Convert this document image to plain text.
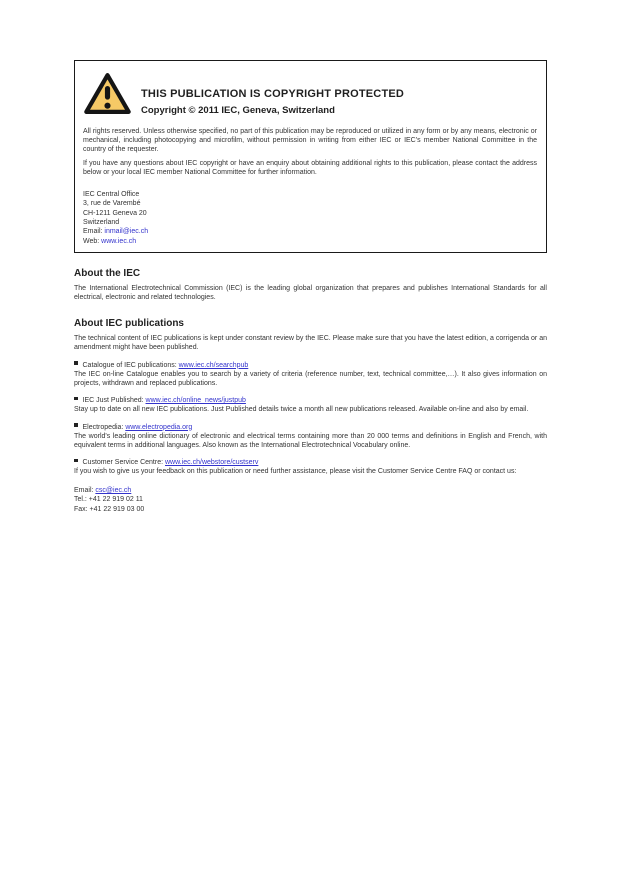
THIS PUBLICATION IS COPYRIGHT PROTECTED
Copyright © 2011 IEC, Geneva, Switzerland

All rights reserved. Unless otherwise specified, no part of this publication may be reproduced or utilized in any form or by any means, electronic or mechanical, including photocopying and microfilm, without permission in writing from either IEC or IEC's member National Committee in the country of the requester.

If you have any questions about IEC copyright or have an enquiry about obtaining additional rights to this publication, please contact the address below or your local IEC member National Committee for further information.

IEC Central Office
3, rue de Varembé
CH-1211 Geneva 20
Switzerland
Email: inmail@iec.ch
Web: www.iec.ch
About the IEC

The International Electrotechnical Commission (IEC) is the leading global organization that prepares and publishes International Standards for all electrical, electronic and related technologies.

About IEC publications

The technical content of IEC publications is kept under constant review by the IEC. Please make sure that you have the latest edition, a corrigenda or an amendment might have been published.

Catalogue of IEC publications: www.iec.ch/searchpub

The IEC on-line Catalogue enables you to search by a variety of criteria (reference number, text, technical committee,…). It also gives information on projects, withdrawn and replaced publications.

IEC Just Published: www.iec.ch/online_news/justpub

Stay up to date on all new IEC publications. Just Published details twice a month all new publications released. Available on-line and also by email.

Electropedia: www.electropedia.org

The world's leading online dictionary of electronic and electrical terms containing more than 20 000 terms and definitions in English and French, with equivalent terms in additional languages. Also known as the International Electrotechnical Vocabulary online.

Customer Service Centre: www.iec.ch/webstore/custserv

If you wish to give us your feedback on this publication or need further assistance, please visit the Customer Service Centre FAQ or contact us:

Email: csc@iec.ch
Tel.: +41 22 919 02 11
Fax: +41 22 919 03 00
